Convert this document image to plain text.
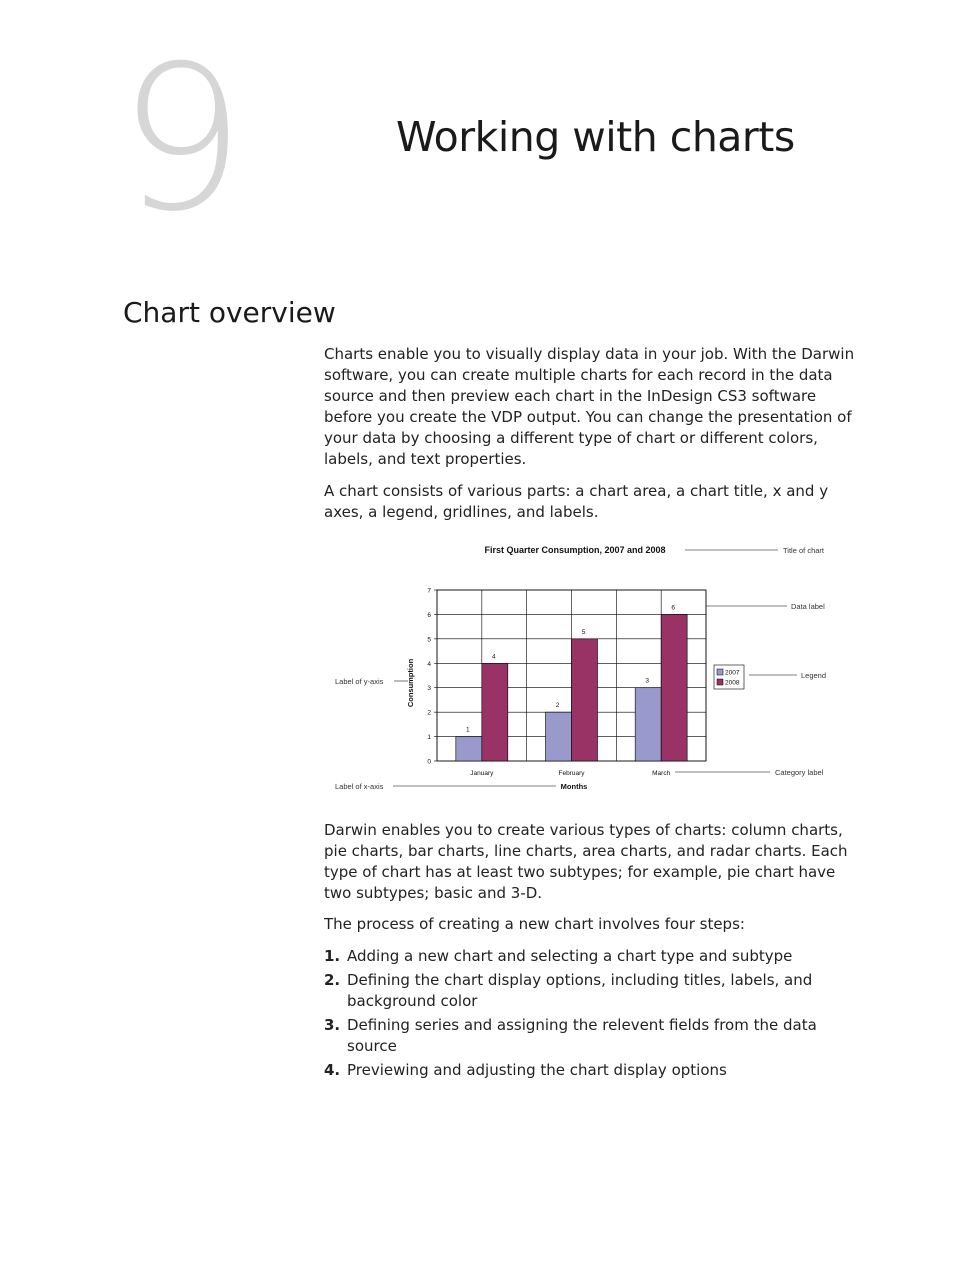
9	Working with charts
Chart overview

Charts enable you to visually display data in your job. With the Darwin software, you can create multiple charts for each record in the data source and then preview each chart in the InDesign CS3 software before you create the VDP output. You can change the presentation of your data by choosing a different type of chart or different colors, labels, and text properties.

A chart consists of various parts: a chart area, a chart title, x and y axes, a legend, gridlines, and labels.

First Quarter Consumption, 2007 and 2008
Consumption
Months
Title of chart
Data label
Legend
Label of y-axis
Label of x-axis
Category label
0
1
2
3
4
5
6
7
1
4
January
2
5
February
3
6
March
2007
2008

Darwin enables you to create various types of charts: column charts, pie charts, bar charts, line charts, area charts, and radar charts. Each type of chart has at least two subtypes; for example, pie chart have two subtypes; basic and 3-D.

The process of creating a new chart involves four steps:

1. Adding a new chart and selecting a chart type and subtype
2. Defining the chart display options, including titles, labels, and background color
3. Defining series and assigning the relevent fields from the data source
4. Previewing and adjusting the chart display options
